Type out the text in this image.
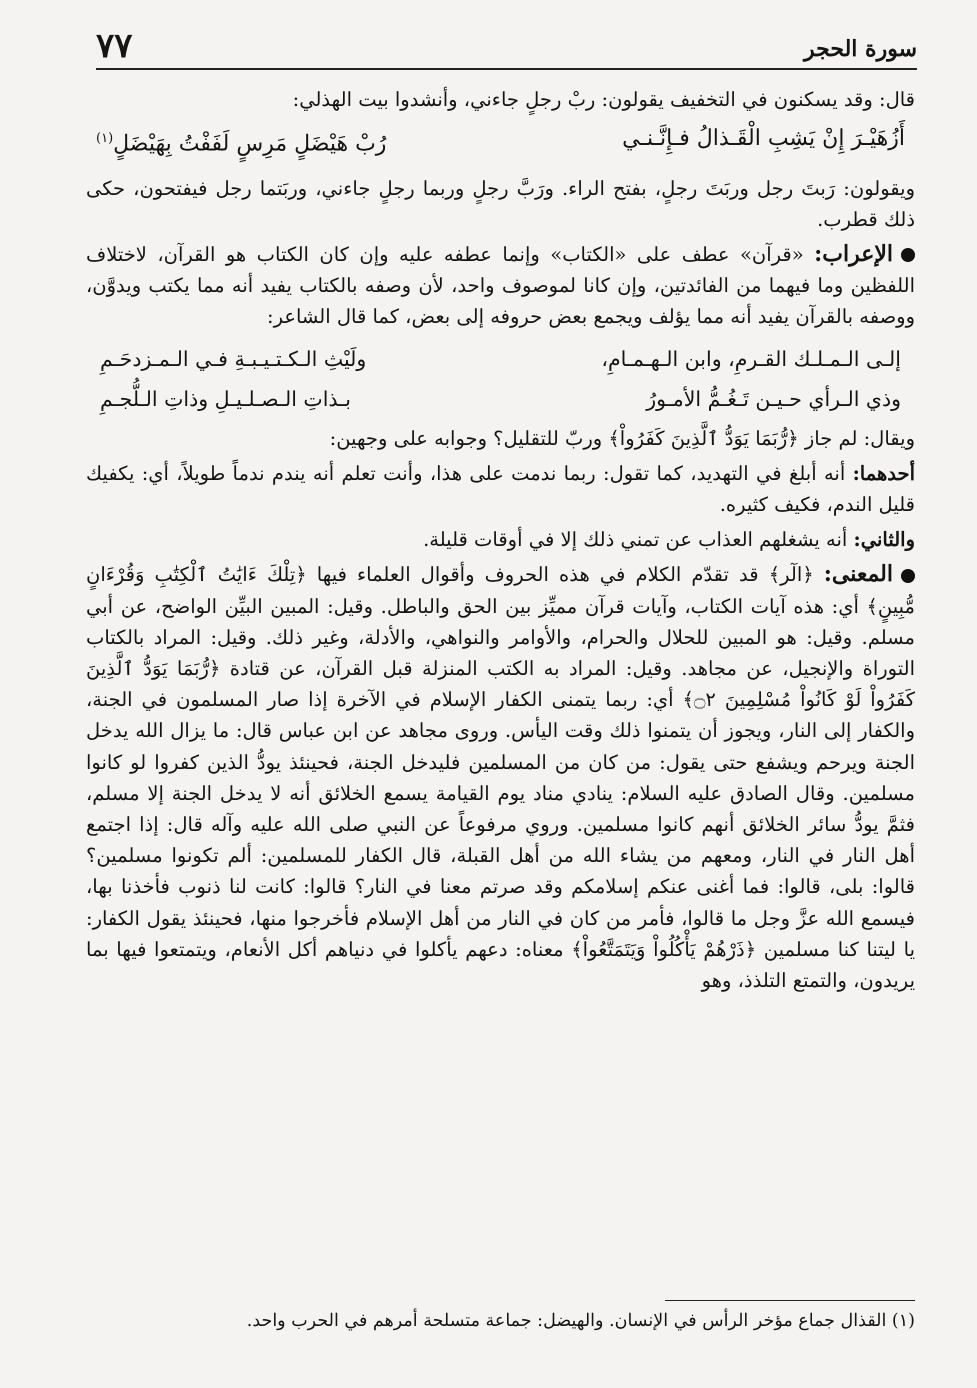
سورة الحجر
٧٧

قال: وقد يسكنون في التخفيف يقولون: ربْ رجلٍ جاءني، وأنشدوا بيت الهذلي:

أَزُهَيْـرَ إِنْ يَشِبِ الْقَـذالُ فـإِنَّـنـي
رُبْ هَيْضَلٍ مَرِسٍ لَفَفْتُ بِهَيْضَلٍ$^{(١)}$

ويقولون: رَبتَ رجل وربَتَ رجلٍ، بفتح الراء. ورَبَّ رجلٍ وربما رجلٍ جاءني، وربَتما رجل فيفتحون، حكى ذلك قطرب.

الإعراب: «قرآن» عطف على «الكتاب» وإنما عطفه عليه وإن كان الكتاب هو القرآن، لاختلاف اللفظين وما فيهما من الفائدتين، وإن كانا لموصوف واحد، لأن وصفه بالكتاب يفيد أنه مما يكتب ويدوَّن، ووصفه بالقرآن يفيد أنه مما يؤلف ويجمع بعض حروفه إلى بعض، كما قال الشاعر:

إلـى الـمـلـك القـرمِ، وابن الـهـمـامِ،
ولَيْثِ الـكـتـيـبـةِ فـي الـمـزدحَـمِ
وذي الـرأي حـيـن تَـغُـمُّ الأمـورُ
بـذاتِ الـصـلـيـلِ وذاتِ الـلُّجـمِ

ويقال: لم جاز ﴿رُّبَمَا يَوَدُّ ٱلَّذِينَ كَفَرُواْ﴾ وربّ للتقليل؟ وجوابه على وجهين:

أحدهما: أنه أبلغ في التهديد، كما تقول: ربما ندمت على هذا، وأنت تعلم أنه يندم ندماً طويلاً، أي: يكفيك قليل الندم، فكيف كثيره.

والثاني: أنه يشغلهم العذاب عن تمني ذلك إلا في أوقات قليلة.

المعنى: ﴿الٓر﴾ قد تقدّم الكلام في هذه الحروف وأقوال العلماء فيها ﴿تِلْكَ ءَايَٰتُ ٱلْكِتَٰبِ وَقُرْءَانٍ مُّبِينٍ﴾ أي: هذه آيات الكتاب، وآيات قرآن مميِّز بين الحق والباطل. وقيل: المبين البيِّن الواضح، عن أبي مسلم. وقيل: هو المبين للحلال والحرام، والأوامر والنواهي، والأدلة، وغير ذلك. وقيل: المراد بالكتاب التوراة والإنجيل، عن مجاهد. وقيل: المراد به الكتب المنزلة قبل القرآن، عن قتادة ﴿رُّبَمَا يَوَدُّ ٱلَّذِينَ كَفَرُواْ لَوْ كَانُواْ مُسْلِمِينَ ۝٢﴾ أي: ربما يتمنى الكفار الإسلام في الآخرة إذا صار المسلمون في الجنة، والكفار إلى النار، ويجوز أن يتمنوا ذلك وقت اليأس. وروى مجاهد عن ابن عباس قال: ما يزال الله يدخل الجنة ويرحم ويشفع حتى يقول: من كان من المسلمين فليدخل الجنة، فحينئذ يودُّ الذين كفروا لو كانوا مسلمين. وقال الصادق عليه السلام: ينادي مناد يوم القيامة يسمع الخلائق أنه لا يدخل الجنة إلا مسلم، فثمَّ يودُّ سائر الخلائق أنهم كانوا مسلمين. وروي مرفوعاً عن النبي صلى الله عليه وآله قال: إذا اجتمع أهل النار في النار، ومعهم من يشاء الله من أهل القبلة، قال الكفار للمسلمين: ألم تكونوا مسلمين؟ قالوا: بلى، قالوا: فما أغنى عنكم إسلامكم وقد صرتم معنا في النار؟ قالوا: كانت لنا ذنوب فأخذنا بها، فيسمع الله عزَّ وجل ما قالوا، فأمر من كان في النار من أهل الإسلام فأخرجوا منها، فحينئذ يقول الكفار: يا ليتنا كنا مسلمين ﴿ذَرْهُمْ يَأْكُلُواْ وَيَتَمَتَّعُواْ﴾ معناه: دعهم يأكلوا في دنياهم أكل الأنعام، ويتمتعوا فيها بما يريدون، والتمتع التلذذ، وهو

(١) القذال جماع مؤخر الرأس في الإنسان. والهيضل: جماعة متسلحة أمرهم في الحرب واحد.
